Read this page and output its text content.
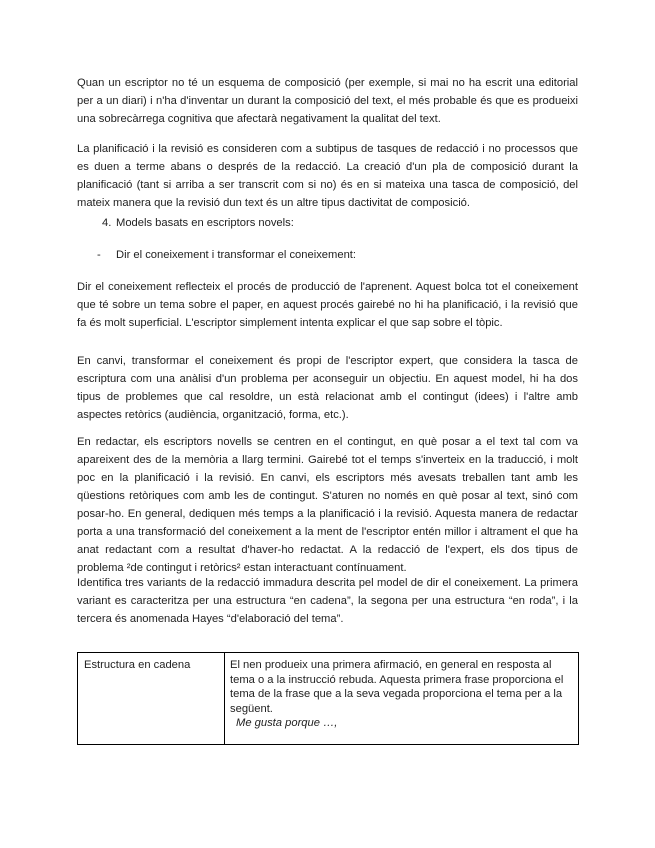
Quan un escriptor no té un esquema de composició (per exemple, si mai no ha escrit una editorial per a un diari) i n'ha d'inventar un durant la composició del text, el més probable és que es produeixi una sobrecàrrega cognitiva que afectarà negativament la qualitat del text.

La planificació i la revisió es consideren com a subtipus de tasques de redacció i no processos que es duen a terme abans o després de la redacció. La creació d'un pla de composició durant la planificació (tant si arriba a ser transcrit com si no) és en si mateixa una tasca de composició, del mateix manera que la revisió dun text és un altre tipus dactivitat de composició.

4. Models basats en escriptors novels:
- Dir el coneixement i transformar el coneixement:

Dir el coneixement reflecteix el procés de producció de l'aprenent. Aquest bolca tot el coneixement que té sobre un tema sobre el paper, en aquest procés gairebé no hi ha planificació, i la revisió que fa és molt superficial. L'escriptor simplement intenta explicar el que sap sobre el tòpic.

En canvi, transformar el coneixement és propi de l'escriptor expert, que considera la tasca de escriptura com una anàlisi d'un problema per aconseguir un objectiu. En aquest model, hi ha dos tipus de problemes que cal resoldre, un està relacionat amb el contingut (idees) i l'altre amb aspectes retòrics (audiència, organització, forma, etc.).

En redactar, els escriptors novells se centren en el contingut, en què posar a el text tal com va apareixent des de la memòria a llarg termini. Gairebé tot el temps s'inverteix en la traducció, i molt poc en la planificació i la revisió. En canvi, els escriptors més avesats treballen tant amb les qüestions retòriques com amb les de contingut. S'aturen no només en què posar al text, sinó com posar-ho. En general, dediquen més temps a la planificació i la revisió. Aquesta manera de redactar porta a una transformació del coneixement a la ment de l'escriptor entén millor i altrament el que ha anat redactant com a resultat d'haver-ho redactat. A la redacció de l'expert, els dos tipus de problema ²de contingut i retòrics² estan interactuant contínuament.

Identifica tres variants de la redacció immadura descrita pel model de dir el coneixement. La primera variant es caracteritza per una estructura “en cadena”, la segona per una estructura “en roda”, i la tercera és anomenada Hayes “d'elaboració del tema”.

Estructura en cadena	El nen produeix una primera afirmació, en general en resposta al tema o a la instrucció rebuda. Aquesta primera frase proporciona el tema de la frase que a la seva vegada proporciona el tema per a la següent.
Me gusta porque …,
